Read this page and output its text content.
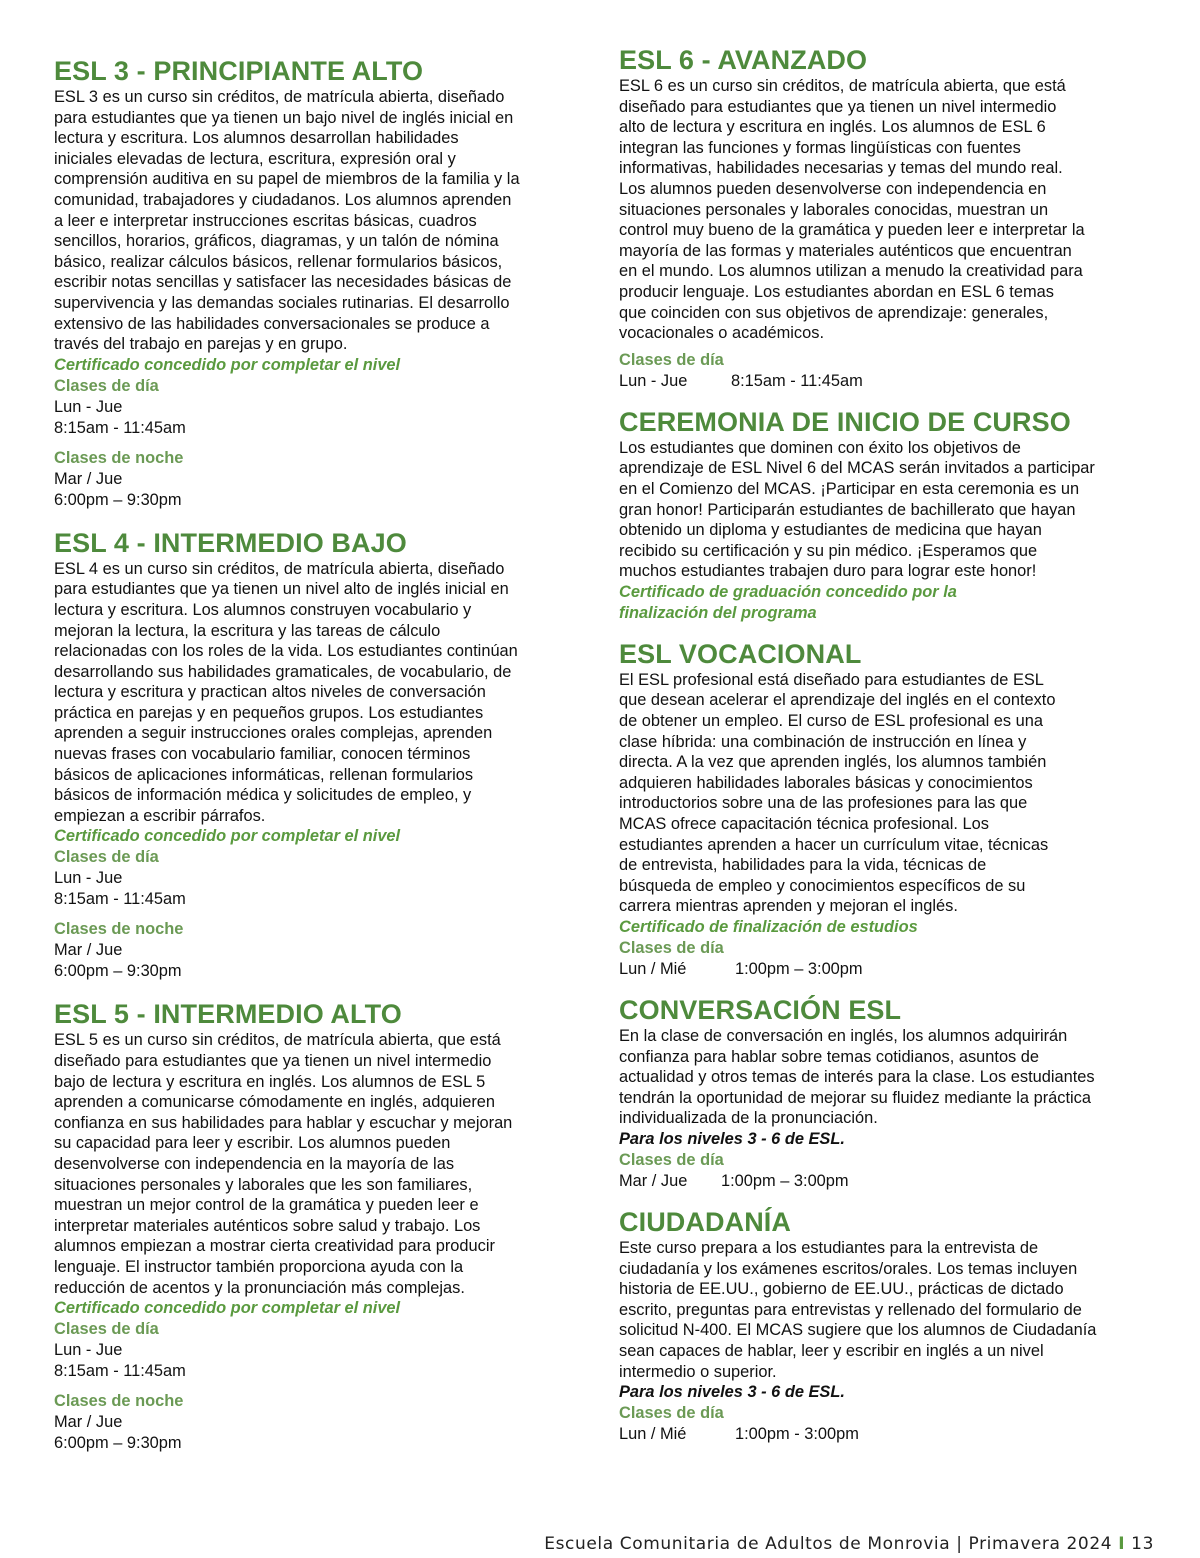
ESL 3 - PRINCIPIANTE ALTO

ESL 3 es un curso sin créditos, de matrícula abierta, diseñado
para estudiantes que ya tienen un bajo nivel de inglés inicial en
lectura y escritura. Los alumnos desarrollan habilidades
iniciales elevadas de lectura, escritura, expresión oral y
comprensión auditiva en su papel de miembros de la familia y la
comunidad, trabajadores y ciudadanos. Los alumnos aprenden
a leer e interpretar instrucciones escritas básicas, cuadros
sencillos, horarios, gráficos, diagramas, y un talón de nómina
básico, realizar cálculos básicos, rellenar formularios básicos,
escribir notas sencillas y satisfacer las necesidades básicas de
supervivencia y las demandas sociales rutinarias. El desarrollo
extensivo de las habilidades conversacionales se produce a
través del trabajo en parejas y en grupo.

Certificado concedido por completar el nivel

Clases de día

Lun - Jue

8:15am - 11:45am

Clases de noche

Mar / Jue

6:00pm – 9:30pm

ESL 4 - INTERMEDIO BAJO

ESL 4 es un curso sin créditos, de matrícula abierta, diseñado
para estudiantes que ya tienen un nivel alto de inglés inicial en
lectura y escritura. Los alumnos construyen vocabulario y
mejoran la lectura, la escritura y las tareas de cálculo
relacionadas con los roles de la vida. Los estudiantes continúan
desarrollando sus habilidades gramaticales, de vocabulario, de
lectura y escritura y practican altos niveles de conversación
práctica en parejas y en pequeños grupos. Los estudiantes
aprenden a seguir instrucciones orales complejas, aprenden
nuevas frases con vocabulario familiar, conocen términos
básicos de aplicaciones informáticas, rellenan formularios
básicos de información médica y solicitudes de empleo, y
empiezan a escribir párrafos.

Certificado concedido por completar el nivel

Clases de día

Lun - Jue

8:15am - 11:45am

Clases de noche

Mar / Jue

6:00pm – 9:30pm

ESL 5 - INTERMEDIO ALTO

ESL 5 es un curso sin créditos, de matrícula abierta, que está
diseñado para estudiantes que ya tienen un nivel intermedio
bajo de lectura y escritura en inglés. Los alumnos de ESL 5
aprenden a comunicarse cómodamente en inglés, adquieren
confianza en sus habilidades para hablar y escuchar y mejoran
su capacidad para leer y escribir. Los alumnos pueden
desenvolverse con independencia en la mayoría de las
situaciones personales y laborales que les son familiares,
muestran un mejor control de la gramática y pueden leer e
interpretar materiales auténticos sobre salud y trabajo. Los
alumnos empiezan a mostrar cierta creatividad para producir
lenguaje. El instructor también proporciona ayuda con la
reducción de acentos y la pronunciación más complejas.

Certificado concedido por completar el nivel

Clases de día

Lun - Jue

8:15am - 11:45am

Clases de noche

Mar / Jue

6:00pm – 9:30pm

ESL 6 - AVANZADO

ESL 6 es un curso sin créditos, de matrícula abierta, que está
diseñado para estudiantes que ya tienen un nivel intermedio
alto de lectura y escritura en inglés. Los alumnos de ESL 6
integran las funciones y formas lingüísticas con fuentes
informativas, habilidades necesarias y temas del mundo real.
Los alumnos pueden desenvolverse con independencia en
situaciones personales y laborales conocidas, muestran un
control muy bueno de la gramática y pueden leer e interpretar la
mayoría de las formas y materiales auténticos que encuentran
en el mundo. Los alumnos utilizan a menudo la creatividad para
producir lenguaje. Los estudiantes abordan en ESL 6 temas
que coinciden con sus objetivos de aprendizaje: generales,
vocacionales o académicos.

Clases de día

Lun - Jue	8:15am - 11:45am

CEREMONIA DE INICIO DE CURSO

Los estudiantes que dominen con éxito los objetivos de
aprendizaje de ESL Nivel 6 del MCAS serán invitados a participar
en el Comienzo del MCAS. ¡Participar en esta ceremonia es un
gran honor! Participarán estudiantes de bachillerato que hayan
obtenido un diploma y estudiantes de medicina que hayan
recibido su certificación y su pin médico. ¡Esperamos que
muchos estudiantes trabajen duro para lograr este honor!

Certificado de graduación concedido por la
finalización del programa

ESL VOCACIONAL

El ESL profesional está diseñado para estudiantes de ESL
que desean acelerar el aprendizaje del inglés en el contexto
de obtener un empleo. El curso de ESL profesional es una
clase híbrida: una combinación de instrucción en línea y
directa. A la vez que aprenden inglés, los alumnos también
adquieren habilidades laborales básicas y conocimientos
introductorios sobre una de las profesiones para las que
MCAS ofrece capacitación técnica profesional. Los
estudiantes aprenden a hacer un currículum vitae, técnicas
de entrevista, habilidades para la vida, técnicas de
búsqueda de empleo y conocimientos específicos de su
carrera mientras aprenden y mejoran el inglés.

Certificado de finalización de estudios

Clases de día

Lun / Mié	1:00pm – 3:00pm

CONVERSACIÓN ESL

En la clase de conversación en inglés, los alumnos adquirirán
confianza para hablar sobre temas cotidianos, asuntos de
actualidad y otros temas de interés para la clase. Los estudiantes
tendrán la oportunidad de mejorar su fluidez mediante la práctica
individualizada de la pronunciación.

Para los niveles 3 - 6 de ESL.

Clases de día

Mar / Jue 1:00pm – 3:00pm

CIUDADANÍA

Este curso prepara a los estudiantes para la entrevista de
ciudadanía y los exámenes escritos/orales. Los temas incluyen
historia de EE.UU., gobierno de EE.UU., prácticas de dictado
escrito, preguntas para entrevistas y rellenado del formulario de
solicitud N-400. El MCAS sugiere que los alumnos de Ciudadanía
sean capaces de hablar, leer y escribir en inglés a un nivel
intermedio o superior.

Para los niveles 3 - 6 de ESL.

Clases de día

Lun / Mié	1:00pm - 3:00pm

Escuela Comunitaria de Adultos de Monrovia | Primavera 2024 I 13
